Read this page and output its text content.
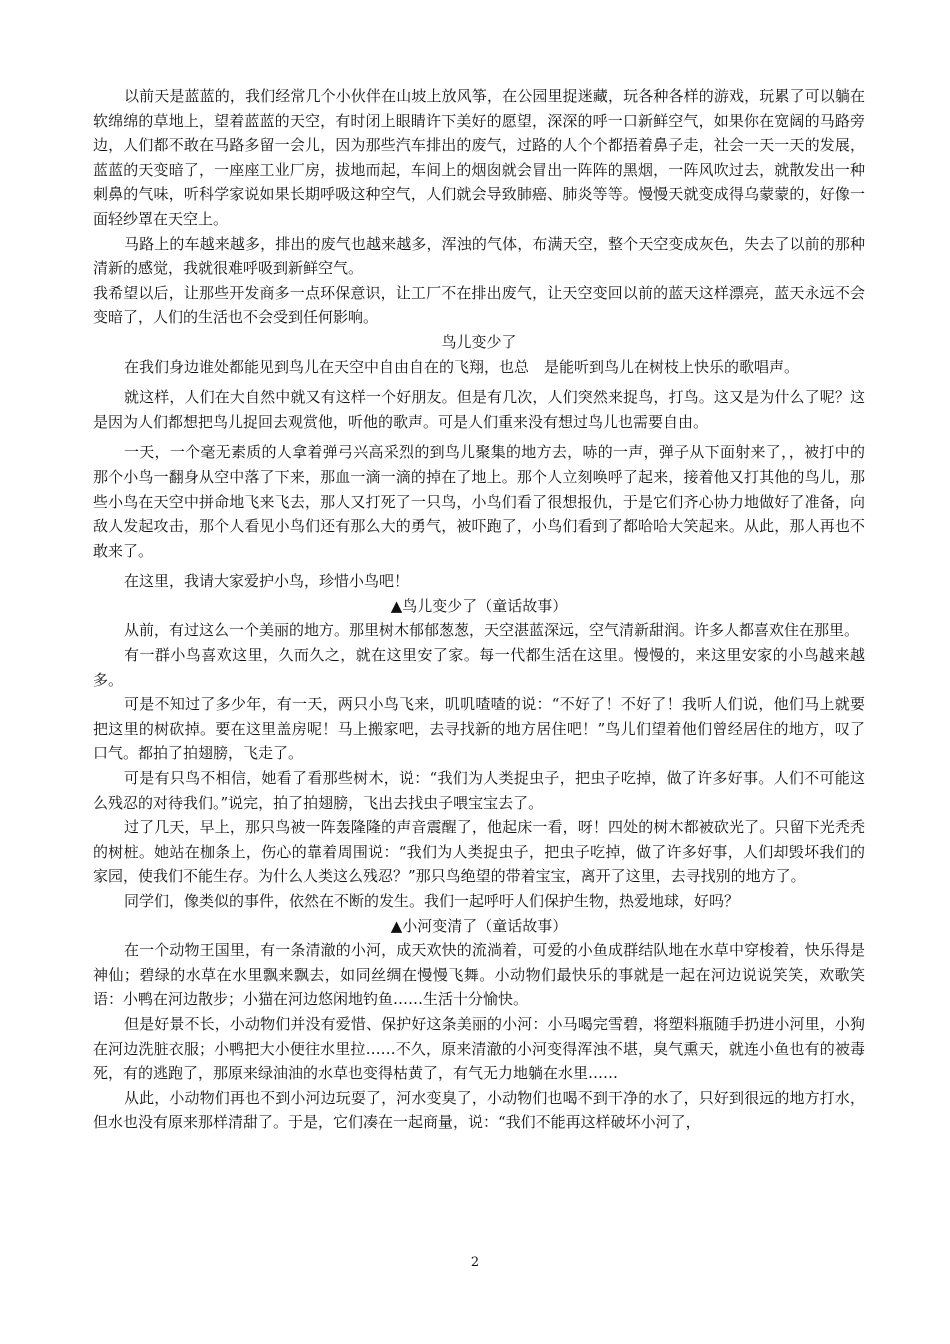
以前天是蓝蓝的，我们经常几个小伙伴在山坡上放风筝，在公园里捉迷藏，玩各种各样的游戏，玩累了可以躺在软绵绵的草地上，望着蓝蓝的天空，有时闭上眼睛许下美好的愿望，深深的呼一口新鲜空气，如果你在宽阔的马路旁边，人们都不敢在马路多留一会儿，因为那些汽车排出的废气，过路的人个个都捂着鼻子走，社会一天一天的发展，蓝蓝的天变暗了，一座座工业厂房，拔地而起，车间上的烟囱就会冒出一阵阵的黑烟，一阵风吹过去，就散发出一种刺鼻的气味，听科学家说如果长期呼吸这种空气，人们就会导致肺癌、肺炎等等。慢慢天就变成得乌蒙蒙的，好像一面轻纱罩在天空上。

马路上的车越来越多，排出的废气也越来越多，浑浊的气体，布满天空，整个天空变成灰色，失去了以前的那种清新的感觉，我就很难呼吸到新鲜空气。

我希望以后，让那些开发商多一点环保意识，让工厂不在排出废气，让天空变回以前的蓝天这样漂亮，蓝天永远不会变暗了，人们的生活也不会受到任何影响。

鸟儿变少了

在我们身边谁处都能见到鸟儿在天空中自由自在的飞翔，也总　是能听到鸟儿在树枝上快乐的歌唱声。

就这样，人们在大自然中就又有这样一个好朋友。但是有几次，人们突然来捉鸟，打鸟。这又是为什么了呢？这是因为人们都想把鸟儿捉回去观赏他，听他的歌声。可是人们重来没有想过鸟儿也需要自由。

一天，一个毫无素质的人拿着弹弓兴高采烈的到鸟儿聚集的地方去，哧的一声，弹子从下面射来了，，被打中的那个小鸟一翻身从空中落了下来，那血一滴一滴的掉在了地上。那个人立刻唤呼了起来，接着他又打其他的鸟儿，那些小鸟在天空中拼命地飞来飞去，那人又打死了一只鸟，小鸟们看了很想报仇，于是它们齐心协力地做好了准备，向敌人发起攻击，那个人看见小鸟们还有那么大的勇气，被吓跑了，小鸟们看到了都哈哈大笑起来。从此，那人再也不敢来了。

在这里，我请大家爱护小鸟，珍惜小鸟吧！

▲鸟儿变少了（童话故事）

从前，有过这么一个美丽的地方。那里树木郁郁葱葱，天空湛蓝深远，空气清新甜润。许多人都喜欢住在那里。

有一群小鸟喜欢这里，久而久之，就在这里安了家。每一代都生活在这里。慢慢的，来这里安家的小鸟越来越多。

可是不知过了多少年，有一天，两只小鸟飞来，叽叽喳喳的说：“不好了！不好了！我听人们说，他们马上就要把这里的树砍掉。要在这里盖房呢！马上搬家吧，去寻找新的地方居住吧！”鸟儿们望着他们曾经居住的地方，叹了口气。都拍了拍翅膀，飞走了。

可是有只鸟不相信，她看了看那些树木，说：“我们为人类捉虫子，把虫子吃掉，做了许多好事。人们不可能这么残忍的对待我们。”说完，拍了拍翅膀，飞出去找虫子喂宝宝去了。

过了几天，早上，那只鸟被一阵轰隆隆的声音震醒了，他起床一看，呀！四处的树木都被砍光了。只留下光秃秃的树桩。她站在枷条上，伤心的靠着周围说：“我们为人类捉虫子，把虫子吃掉，做了许多好事，人们却毁坏我们的家园，使我们不能生存。为什么人类这么残忍？”那只鸟绝望的带着宝宝，离开了这里，去寻找别的地方了。

同学们，像类似的事件，依然在不断的发生。我们一起呼吁人们保护生物，热爱地球，好吗？

▲小河变清了（童话故事）

在一个动物王国里，有一条清澈的小河，成天欢快的流淌着，可爱的小鱼成群结队地在水草中穿梭着，快乐得是神仙；碧绿的水草在水里飘来飘去，如同丝绸在慢慢飞舞。小动物们最快乐的事就是一起在河边说说笑笑，欢歌笑语：小鸭在河边散步；小猫在河边悠闲地钓鱼……生活十分愉快。

但是好景不长，小动物们并没有爱惜、保护好这条美丽的小河：小马喝完雪碧，将塑料瓶随手扔进小河里，小狗在河边洗脏衣服；小鸭把大小便往水里拉……不久，原来清澈的小河变得浑浊不堪，臭气熏天，就连小鱼也有的被毒死，有的逃跑了，那原来绿油油的水草也变得枯黄了，有气无力地躺在水里……

从此，小动物们再也不到小河边玩耍了，河水变臭了，小动物们也喝不到干净的水了，只好到很远的地方打水，但水也没有原来那样清甜了。于是，它们凑在一起商量，说：“我们不能再这样破坏小河了，

2
